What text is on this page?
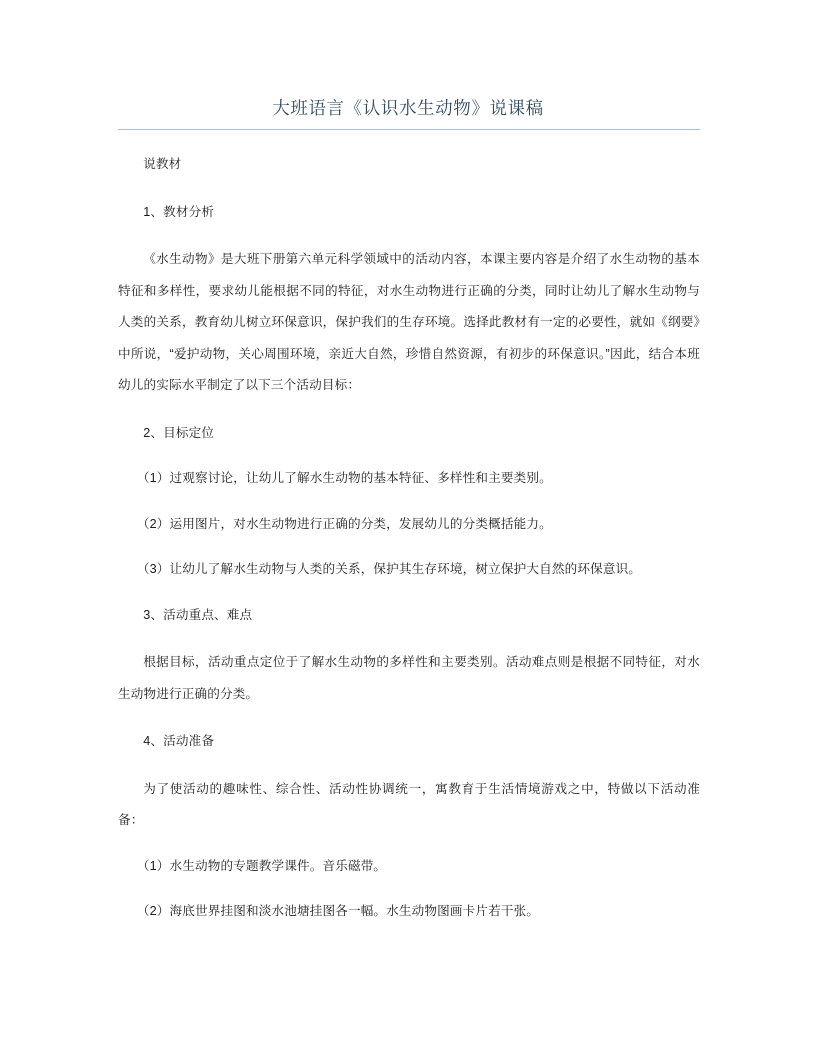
大班语言《认识水生动物》说课稿

说教材

1、教材分析

《水生动物》是大班下册第六单元科学领域中的活动内容，本课主要内容是介绍了水生动物的基本特征和多样性，要求幼儿能根据不同的特征，对水生动物进行正确的分类，同时让幼儿了解水生动物与人类的关系，教育幼儿树立环保意识，保护我们的生存环境。选择此教材有一定的必要性，就如《纲要》中所说，“爱护动物，关心周围环境，亲近大自然，珍惜自然资源，有初步的环保意识。”因此，结合本班幼儿的实际水平制定了以下三个活动目标：

2、目标定位

（1）过观察讨论，让幼儿了解水生动物的基本特征、多样性和主要类别。

（2）运用图片，对水生动物进行正确的分类，发展幼儿的分类概括能力。

（3）让幼儿了解水生动物与人类的关系，保护其生存环境，树立保护大自然的环保意识。

3、活动重点、难点

根据目标，活动重点定位于了解水生动物的多样性和主要类别。活动难点则是根据不同特征，对水生动物进行正确的分类。

4、活动准备

为了使活动的趣味性、综合性、活动性协调统一，寓教育于生活情境游戏之中，特做以下活动准备：

（1）水生动物的专题教学课件。音乐磁带。

（2）海底世界挂图和淡水池塘挂图各一幅。水生动物图画卡片若干张。
